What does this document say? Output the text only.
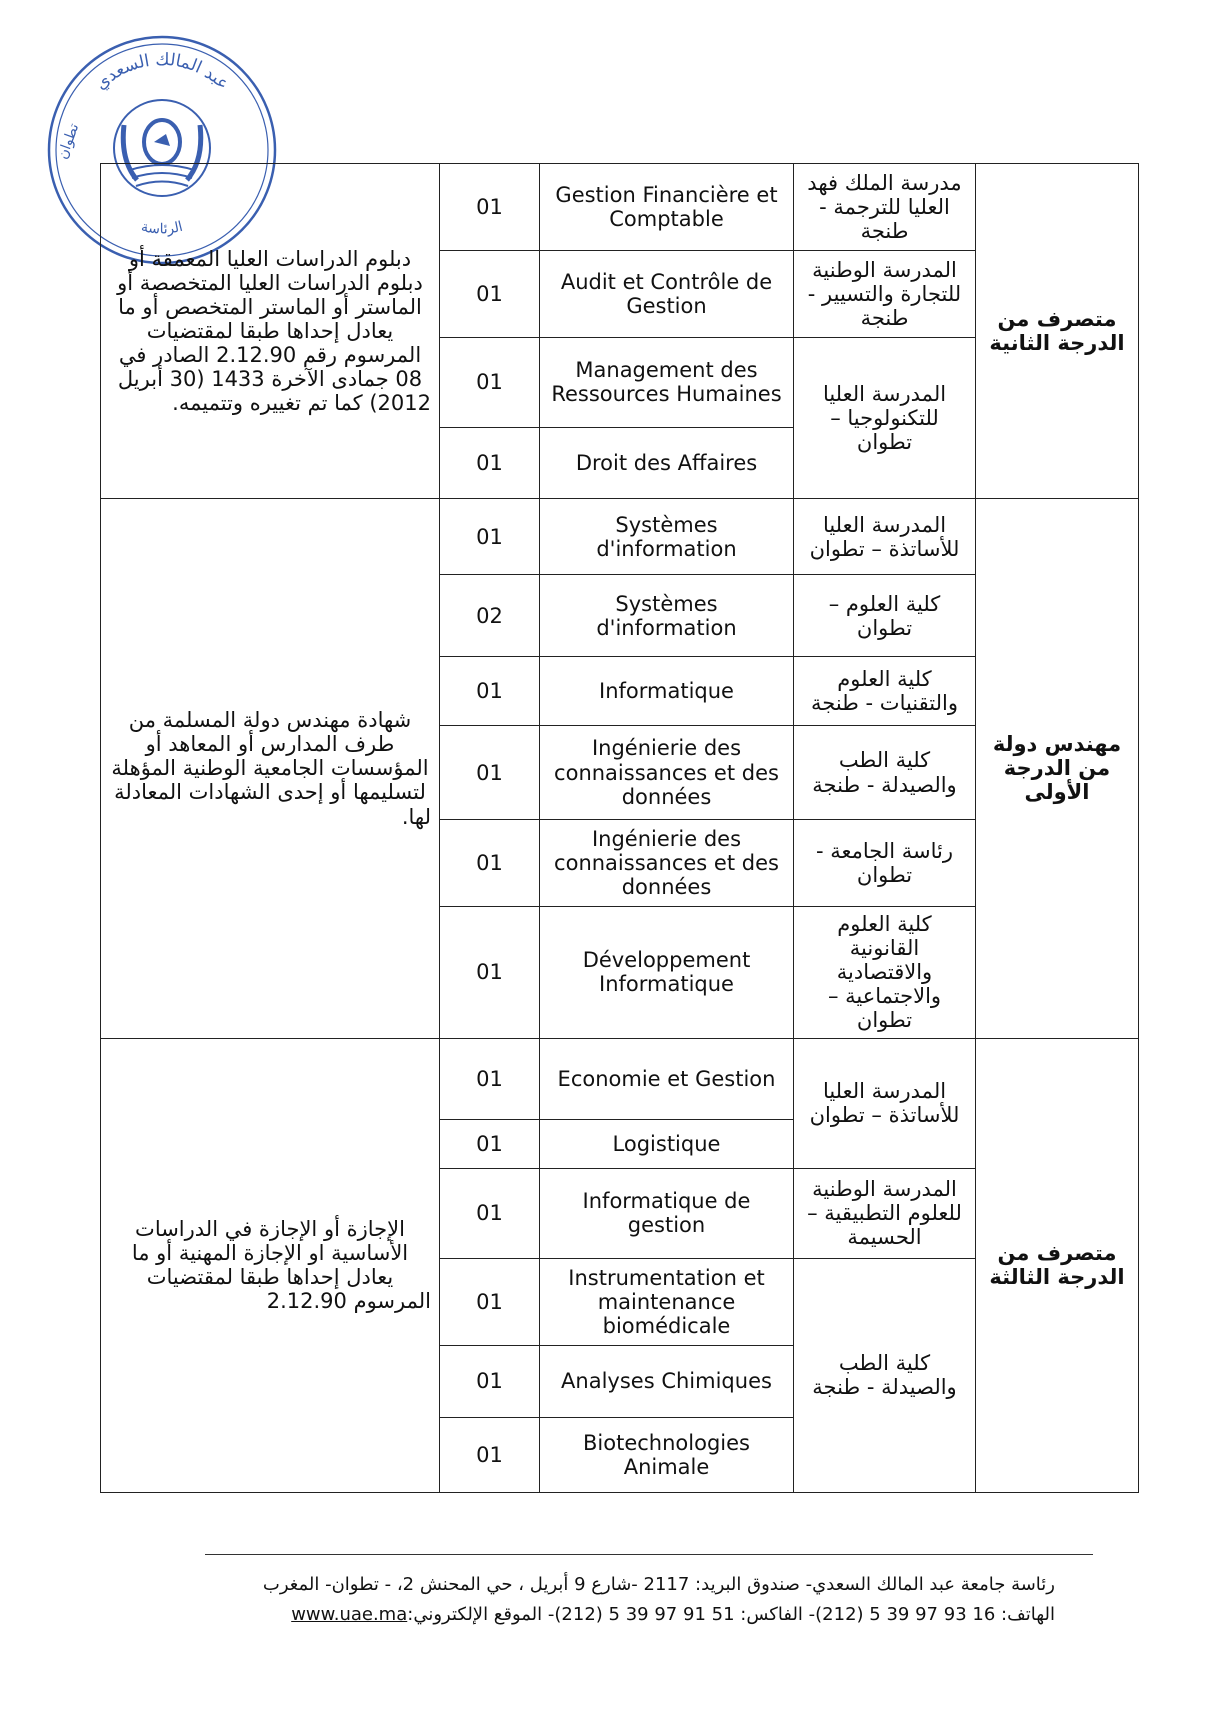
عبد المالك السعدي
الرئاسة
تطوان
متصرف من الدرجة الثانية	مدرسة الملك فهد العليا للترجمة - طنجة	Gestion Financière et Comptable	01	دبلوم الدراسات العليا المعمقة أو دبلوم الدراسات العليا المتخصصة أو الماستر أو الماستر المتخصص أو ما يعادل إحداها طبقا لمقتضيات المرسوم رقم 2.12.90 الصادر في 08 جمادى الآخرة 1433 (30 أبريل 2012) كما تم تغييره وتتميمه.
	المدرسة الوطنية للتجارة والتسيير - طنجة	Audit et Contrôle de Gestion	01	
	المدرسة العليا للتكنولوجيا – تطوان	Management des Ressources Humaines	01	
		Droit des Affaires	01	
مهندس دولة من الدرجة الأولى	المدرسة العليا للأساتذة – تطوان	Systèmes d'information	01	شهادة مهندس دولة المسلمة من طرف المدارس أو المعاهد أو المؤسسات الجامعية الوطنية المؤهلة لتسليمها أو إحدى الشهادات المعادلة لها.
	كلية العلوم – تطوان	Systèmes d'information	02	
	كلية العلوم والتقنيات - طنجة	Informatique	01	
	كلية الطب والصيدلة - طنجة	Ingénierie des connaissances et des données	01	
	رئاسة الجامعة - تطوان	Ingénierie des connaissances et des données	01	
	كلية العلوم القانونية والاقتصادية والاجتماعية – تطوان	Développement Informatique	01	
متصرف من الدرجة الثالثة	المدرسة العليا للأساتذة – تطوان	Economie et Gestion	01	الإجازة أو الإجازة في الدراسات الأساسية او الإجازة المهنية أو ما يعادل إحداها طبقا لمقتضيات المرسوم 2.12.90
		Logistique	01	
	المدرسة الوطنية للعلوم التطبيقية – الحسيمة	Informatique de gestion	01	
	كلية الطب والصيدلة - طنجة	Instrumentation et maintenance biomédicale	01	
		Analyses Chimiques	01	
		Biotechnologies Animale	01	
رئاسة جامعة عبد المالك السعدي- صندوق البريد: 2117 -شارع 9 أبريل ، حي المحنش 2، - تطوان- المغرب
الهاتف: 16 93 97 39 5 (212)- الفاكس: 51 91 97 39 5 (212)- الموقع الإلكتروني:www.uae.ma
